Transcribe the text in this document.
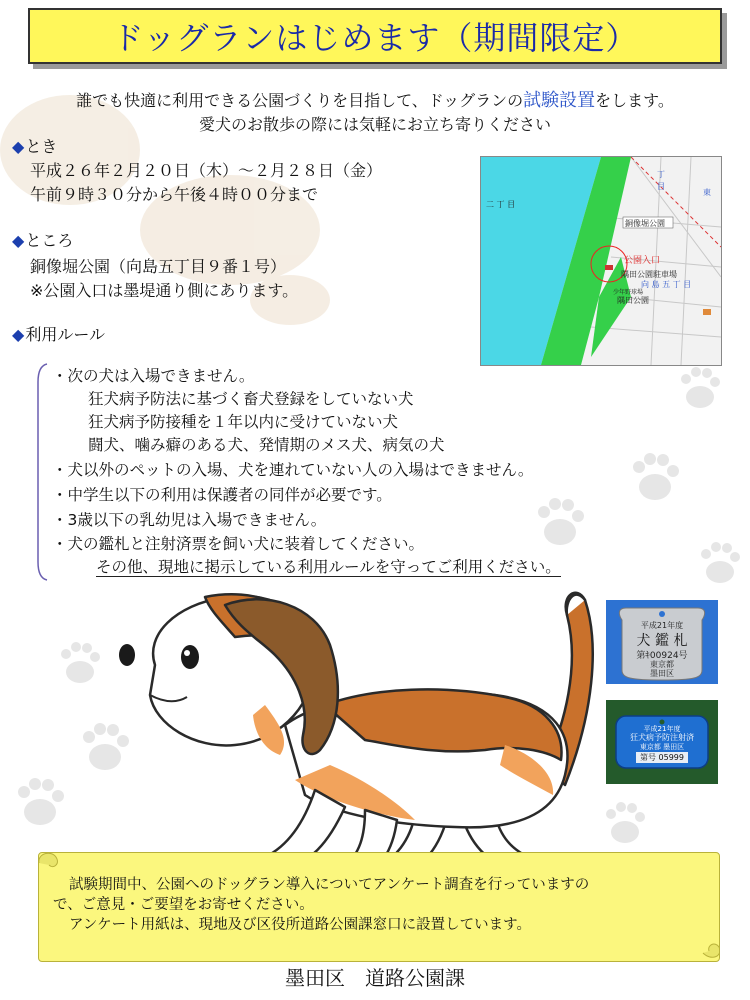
ドッグランはじめます（期間限定）
誰でも快適に利用できる公園づくりを目指して、ドッグランの試験設置をします。
愛犬のお散歩の際には気軽にお立ち寄りください
◆とき
平成２６年２月２０日（木）～２月２８日（金）
午前９時３０分から午後４時００分まで
◆ところ
銅像堀公園（向島五丁目９番１号）
※公園入口は墨堤通り側にあります。
二 丁 目
銅像堀公園
公園入口
隅田公園駐車場
向 島 五 丁 目
少年野球場
隅田公園
丁
目
東
◆利用ルール
・次の犬は入場できません。
狂犬病予防法に基づく畜犬登録をしていない犬
狂犬病予防接種を１年以内に受けていない犬
闘犬、噛み癖のある犬、発情期のメス犬、病気の犬
・犬以外のペットの入場、犬を連れていない人の入場はできません。
・中学生以下の利用は保護者の同伴が必要です。
・3歳以下の乳幼児は入場できません。
・犬の鑑札と注射済票を飼い犬に装着してください。
その他、現地に掲示している利用ルールを守ってご利用ください。
平成21年度
犬 鑑 札
第ｷ00924号
東京都
墨田区
平成21年度
狂犬病予防注射済
東京都 墨田区
第号 05999
試験期間中、公園へのドッグラン導入についてアンケート調査を行っていますの
で、ご意見・ご要望をお寄せください。
アンケート用紙は、現地及び区役所道路公園課窓口に設置しています。
墨田区　道路公園課
